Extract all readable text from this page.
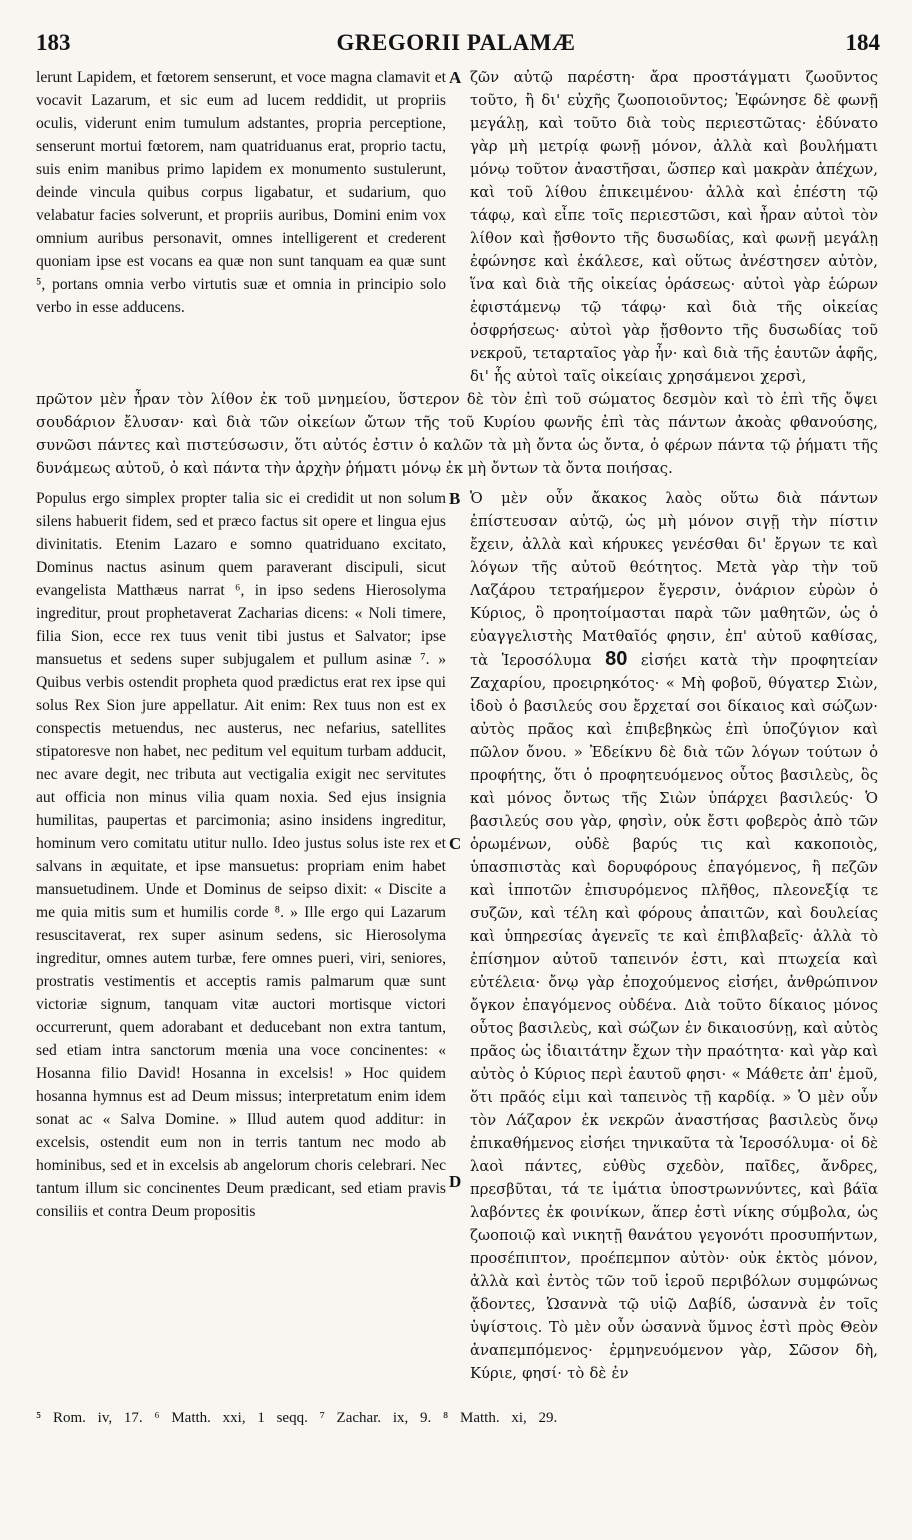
183	GREGORII PALAMÆ	184
A
B
C
D

lerunt Lapidem, et fœtorem senserunt, et voce magna clamavit et vocavit Lazarum, et sic eum ad lucem reddidit, ut propriis oculis, viderunt enim tumulum adstantes, propria perceptione, senserunt mortui fœtorem, nam quatriduanus erat, proprio tactu, suis enim manibus primo lapidem ex monumento sustulerunt, deinde vincula quibus corpus ligabatur, et sudarium, quo velabatur facies solverunt, et propriis auribus, Domini enim vox omnium auribus personavit, omnes intelligerent et crederent quoniam ipse est vocans ea quæ non sunt tanquam ea quæ sunt ⁵, portans omnia verbo virtutis suæ et omnia in principio solo verbo in esse adducens.

ζῶν αὐτῷ παρέστη· ἄρα προστάγματι ζωοῦντος τοῦτο, ἢ δι' εὐχῆς ζωοποιοῦντος; Ἐφώνησε δὲ φωνῇ μεγάλῃ, καὶ τοῦτο διὰ τοὺς περιεστῶτας· ἐδύνατο γὰρ μὴ μετρίᾳ φωνῇ μόνον, ἀλλὰ καὶ βουλήματι μόνῳ τοῦτον ἀναστῆσαι, ὥσπερ καὶ μακρὰν ἀπέχων, καὶ τοῦ λίθου ἐπικειμένου· ἀλλὰ καὶ ἐπέστη τῷ τάφῳ, καὶ εἶπε τοῖς περιεστῶσι, καὶ ἦραν αὐτοὶ τὸν λίθον καὶ ᾔσθοντο τῆς δυσωδίας, καὶ φωνῇ μεγάλῃ ἐφώνησε καὶ ἐκάλεσε, καὶ οὕτως ἀνέστησεν αὐτὸν, ἵνα καὶ διὰ τῆς οἰκείας ὁράσεως· αὐτοὶ γὰρ ἑώρων ἐφιστάμενῳ τῷ τάφῳ· καὶ διὰ τῆς οἰκείας ὀσφρήσεως· αὐτοὶ γὰρ ᾔσθοντο τῆς δυσωδίας τοῦ νεκροῦ, τεταρταῖος γὰρ ἦν· καὶ διὰ τῆς ἑαυτῶν ἁφῆς, δι' ἧς αὐτοὶ ταῖς οἰκείαις χρησάμενοι χερσὶ,

πρῶτον μὲν ἦραν τὸν λίθον ἐκ τοῦ μνημείου, ὕστερον δὲ τὸν ἐπὶ τοῦ σώματος δεσμὸν καὶ τὸ ἐπὶ τῆς ὄψει σουδάριον ἔλυσαν· καὶ διὰ τῶν οἰκείων ὤτων τῆς τοῦ Κυρίου φωνῆς ἐπὶ τὰς πάντων ἀκοὰς φθανούσης, συνῶσι πάντες καὶ πιστεύσωσιν, ὅτι αὐτός ἐστιν ὁ καλῶν τὰ μὴ ὄντα ὡς ὄντα, ὁ φέρων πάντα τῷ ῥήματι τῆς δυνάμεως αὐτοῦ, ὁ καὶ πάντα τὴν ἀρχὴν ῥήματι μόνῳ ἐκ μὴ ὄντων τὰ ὄντα ποιήσας.

Populus ergo simplex propter talia sic ei credidit ut non solum silens habuerit fidem, sed et præco factus sit opere et lingua ejus divinitatis. Etenim Lazaro e somno quatriduano excitato, Dominus nactus asinum quem paraverant discipuli, sicut evangelista Matthæus narrat ⁶, in ipso sedens Hierosolyma ingreditur, prout prophetaverat Zacharias dicens: « Noli timere, filia Sion, ecce rex tuus venit tibi justus et Salvator; ipse mansuetus et sedens super subjugalem et pullum asinæ ⁷. » Quibus verbis ostendit propheta quod prædictus erat rex ipse qui solus Rex Sion jure appellatur. Ait enim: Rex tuus non est ex conspectis metuendus, nec austerus, nec nefarius, satellites stipatoresve non habet, nec peditum vel equitum turbam adducit, nec avare degit, nec tributa aut vectigalia exigit nec servitutes aut officia non minus vilia quam noxia. Sed ejus insignia humilitas, paupertas et parcimonia; asino insidens ingreditur, hominum vero comitatu utitur nullo. Ideo justus solus iste rex et salvans in æquitate, et ipse mansuetus: propriam enim habet mansuetudinem. Unde et Dominus de seipso dixit: « Discite a me quia mitis sum et humilis corde ⁸. » Ille ergo qui Lazarum resuscitaverat, rex super asinum sedens, sic Hierosolyma ingreditur, omnes autem turbæ, fere omnes pueri, viri, seniores, prostratis vestimentis et acceptis ramis palmarum quæ sunt victoriæ signum, tanquam vitæ auctori mortisque victori occurrerunt, quem adorabant et deducebant non extra tantum, sed etiam intra sanctorum mœnia una voce concinentes: « Hosanna filio David! Hosanna in excelsis! » Hoc quidem hosanna hymnus est ad Deum missus; interpretatum enim idem sonat ac « Salva Domine. » Illud autem quod additur: in excelsis, ostendit eum non in terris tantum nec modo ab hominibus, sed et in excelsis ab angelorum choris celebrari. Nec tantum illum sic concinentes Deum prædicant, sed etiam pravis consiliis et contra Deum propositis

Ὁ μὲν οὖν ἄκακος λαὸς οὕτω διὰ πάντων ἐπίστευσαν αὐτῷ, ὡς μὴ μόνον σιγῇ τὴν πίστιν ἔχειν, ἀλλὰ καὶ κήρυκες γενέσθαι δι' ἔργων τε καὶ λόγων τῆς αὐτοῦ θεότητος. Μετὰ γὰρ τὴν τοῦ Λαζάρου τετραήμερον ἔγερσιν, ὀνάριον εὑρὼν ὁ Κύριος, ὃ προητοίμασται παρὰ τῶν μαθητῶν, ὡς ὁ εὐαγγελιστὴς Ματθαῖός φησιν, ἐπ' αὐτοῦ καθίσας, τὰ Ἱεροσόλυμα 80 εἰσήει κατὰ τὴν προφητείαν Ζαχαρίου, προειρηκότος· « Μὴ φοβοῦ, θύγατερ Σιὼν, ἰδοὺ ὁ βασιλεύς σου ἔρχεταί σοι δίκαιος καὶ σώζων· αὐτὸς πρᾶος καὶ ἐπιβεβηκὼς ἐπὶ ὑποζύγιον καὶ πῶλον ὄνου. » Ἐδείκνυ δὲ διὰ τῶν λόγων τούτων ὁ προφήτης, ὅτι ὁ προφητευόμενος οὗτος βασιλεὺς, ὃς καὶ μόνος ὄντως τῆς Σιὼν ὑπάρχει βασιλεύς· Ὁ βασιλεύς σου γὰρ, φησὶν, οὐκ ἔστι φοβερὸς ἀπὸ τῶν ὁρωμένων, οὐδὲ βαρύς τις καὶ κακοποιὸς, ὑπασπιστὰς καὶ δορυφόρους ἐπαγόμενος, ἢ πεζῶν καὶ ἱπποτῶν ἐπισυρόμενος πλῆθος, πλεονεξίᾳ τε συζῶν, καὶ τέλη καὶ φόρους ἀπαιτῶν, καὶ δουλείας καὶ ὑπηρεσίας ἀγενεῖς τε καὶ ἐπιβλαβεῖς· ἀλλὰ τὸ ἐπίσημον αὐτοῦ ταπεινόν ἐστι, καὶ πτωχεία καὶ εὐτέλεια· ὄνῳ γὰρ ἐποχούμενος εἰσήει, ἀνθρώπινον ὄγκον ἐπαγόμενος οὐδένα. Διὰ τοῦτο δίκαιος μόνος οὗτος βασιλεὺς, καὶ σώζων ἐν δικαιοσύνῃ, καὶ αὐτὸς πρᾶος ὡς ἰδιαιτάτην ἔχων τὴν πραότητα· καὶ γὰρ καὶ αὐτὸς ὁ Κύριος περὶ ἑαυτοῦ φησι· « Μάθετε ἀπ' ἐμοῦ, ὅτι πρᾶός εἰμι καὶ ταπεινὸς τῇ καρδίᾳ. » Ὁ μὲν οὖν τὸν Λάζαρον ἐκ νεκρῶν ἀναστήσας βασιλεὺς ὄνῳ ἐπικαθήμενος εἰσήει τηνικαῦτα τὰ Ἱεροσόλυμα· οἱ δὲ λαοὶ πάντες, εὐθὺς σχεδὸν, παῖδες, ἄνδρες, πρεσβῦται, τά τε ἱμάτια ὑποστρωννύντες, καὶ βάϊα λαβόντες ἐκ φοινίκων, ἅπερ ἐστὶ νίκης σύμβολα, ὡς ζωοποιῷ καὶ νικητῇ θανάτου γεγονότι προσυπήντων, προσέπιπτον, προέπεμπον αὐτὸν· οὐκ ἐκτὸς μόνον, ἀλλὰ καὶ ἐντὸς τῶν τοῦ ἱεροῦ περιβόλων συμφώνως ᾄδοντες, Ὡσαννὰ τῷ υἱῷ Δαβίδ, ὡσαννὰ ἐν τοῖς ὑψίστοις. Τὸ μὲν οὖν ὡσαννὰ ὕμνος ἐστὶ πρὸς Θεὸν ἀναπεμπόμενος· ἑρμηνευόμενον γὰρ, Σῶσον δὴ, Κύριε, φησί· τὸ δὲ ἐν

⁵ Rom. iv, 17. ⁶ Matth. xxi, 1 seqq. ⁷ Zachar. ix, 9. ⁸ Matth. xi, 29.
